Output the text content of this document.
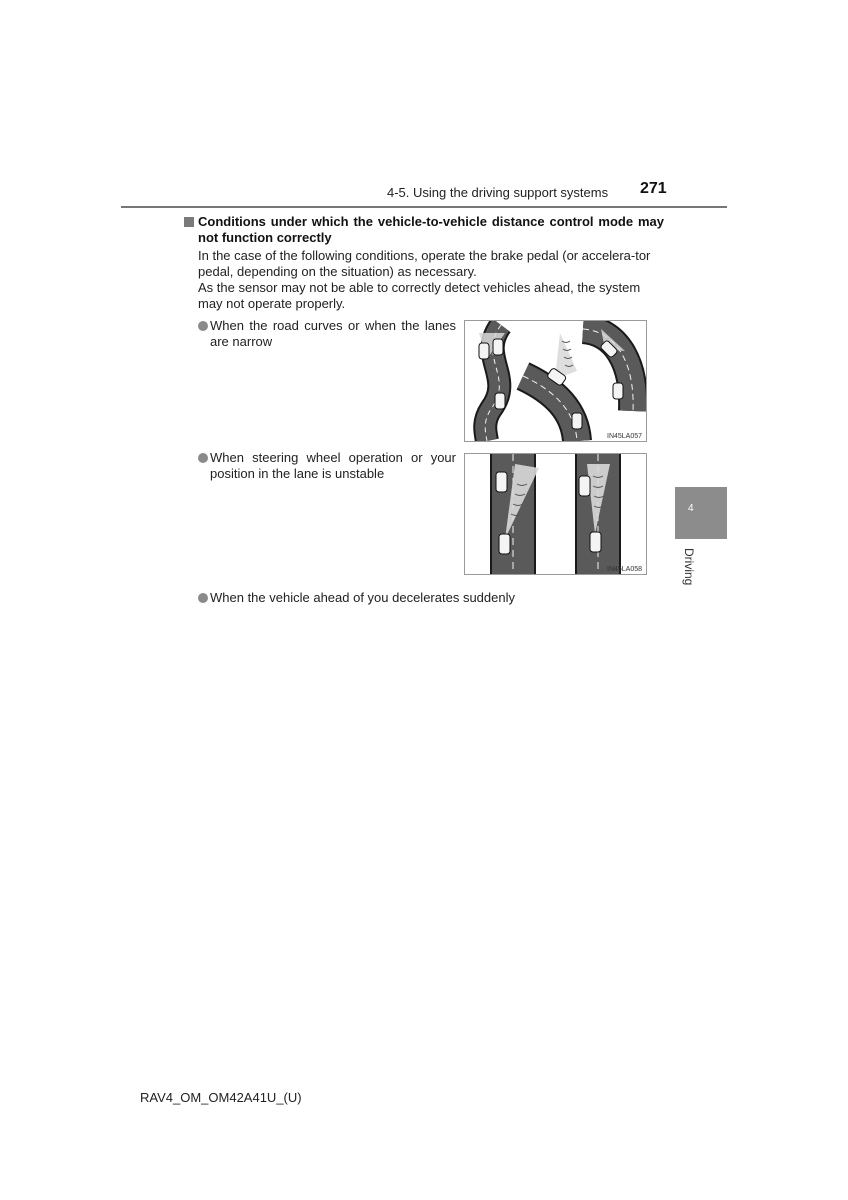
4-5. Using the driving support systems 271
Conditions under which the vehicle-to-vehicle distance control mode may not function correctly

In the case of the following conditions, operate the brake pedal (or accelera-tor pedal, depending on the situation) as necessary.

As the sensor may not be able to correctly detect vehicles ahead, the system may not operate properly.

When the road curves or when the lanes are narrow
IN45LA057
When steering wheel operation or your position in the lane is unstable
IN45LA058
When the vehicle ahead of you decelerates suddenly
4
Driving
RAV4_OM_OM42A41U_(U)
